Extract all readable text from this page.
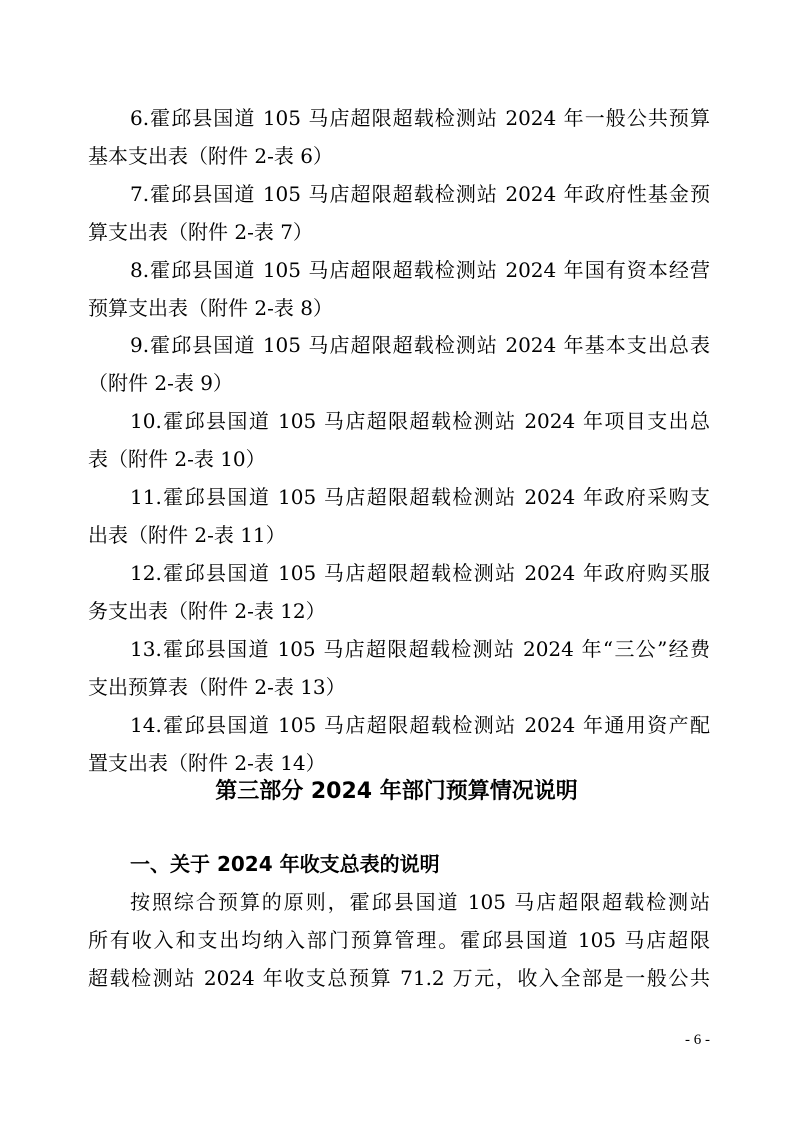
6.霍邱县国道 105 马店超限超载检测站 2024 年一般公共预算

基本支出表（附件 2-表 6）

7.霍邱县国道 105 马店超限超载检测站 2024 年政府性基金预

算支出表（附件 2-表 7）

8.霍邱县国道 105 马店超限超载检测站 2024 年国有资本经营

预算支出表（附件 2-表 8）

9.霍邱县国道 105 马店超限超载检测站 2024 年基本支出总表

（附件 2-表 9）

10.霍邱县国道 105 马店超限超载检测站 2024 年项目支出总

表（附件 2-表 10）

11.霍邱县国道 105 马店超限超载检测站 2024 年政府采购支

出表（附件 2-表 11）

12.霍邱县国道 105 马店超限超载检测站 2024 年政府购买服

务支出表（附件 2-表 12）

13.霍邱县国道 105 马店超限超载检测站 2024 年“三公”经费

支出预算表（附件 2-表 13）

14.霍邱县国道 105 马店超限超载检测站 2024 年通用资产配

置支出表（附件 2-表 14）

第三部分 2024 年部门预算情况说明
一、关于 2024 年收支总表的说明

按照综合预算的原则，霍邱县国道 105 马店超限超载检测站

所有收入和支出均纳入部门预算管理。霍邱县国道 105 马店超限

超载检测站 2024 年收支总预算 71.2 万元，收入全部是一般公共

- 6 -
